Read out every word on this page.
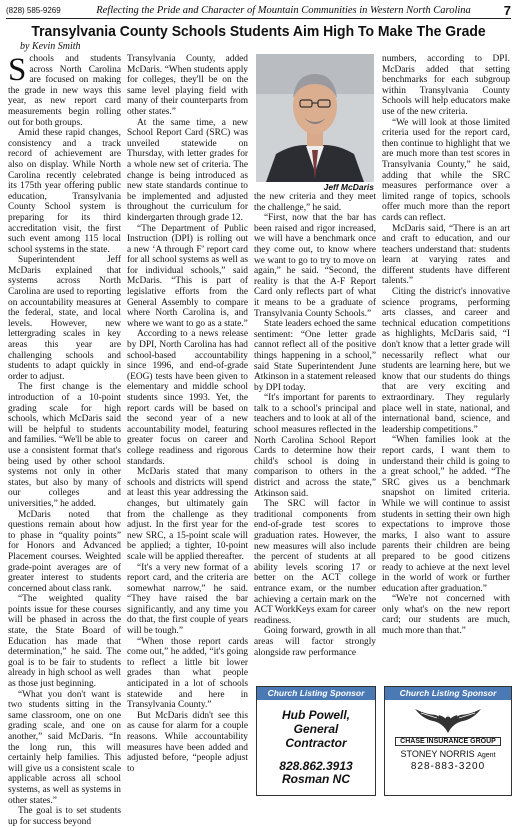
(828) 585-9269	Reflecting the Pride and Character of Mountain Communities in Western North Carolina	7
Transylvania County Schools Students Aim High To Make The Grade
by Kevin Smith

Schools and students across North Carolina are focused on making the grade in new ways this year, as new report card measurements begin rolling out for both groups.

Amid these rapid changes, consistency and a track record of achievement are also on display. While North Carolina recently celebrated its 175th year offering public education, Transylvania County School system is preparing for its third accreditation visit, the first such event among 115 local school systems in the state.

Superintendent Jeff McDaris explained that systems across North Carolina are used to reporting on accountability measures at the federal, state, and local levels. However, new lettergrading scales in key areas this year are challenging schools and students to adapt quickly in order to adjust.

The first change is the introduction of a 10-point grading scale for high schools, which McDaris said will be helpful to students and families. “We'll be able to use a consistent format that's being used by other school systems not only in other states, but also by many of our colleges and universities,” he added.

McDaris noted that questions remain about how to phase in “quality points” for Honors and Advanced Placement courses. Weighted grade-point averages are of greater interest to students concerned about class rank.

“The weighted quality points issue for these courses will be phased in across the state, the State Board of Education has made that determination,” he said. The goal is to be fair to students already in high school as well as those just beginning.

“What you don't want is two students sitting in the same classroom, one on one grading scale, and one on another,” said McDaris. “In the long run, this will certainly help families. This will give us a consistent scale applicable across all school systems, as well as systems in other states.”

The goal is to set students up for success beyond

Transylvania County, added McDaris. “When students apply for colleges, they'll be on the same level playing field with many of their counterparts from other states.”

At the same time, a new School Report Card (SRC) was unveiled statewide on Thursday, with letter grades for a whole new set of criteria. The change is being introduced as new state standards continue to be implemented and adjusted throughout the curriculum for kindergarten through grade 12.

“The Department of Public Instruction (DPI) is rolling out a new ‘A through F’ report card for all school systems as well as for individual schools,” said McDaris. “This is part of legislative efforts from the General Assembly to compare where North Carolina is, and where we want to go as a state.”

According to a news release by DPI, North Carolina has had school-based accountability since 1996, and end-of-grade (EOG) tests have been given to elementary and middle school students since 1993. Yet, the report cards will be based on the second year of a new accountability model, featuring greater focus on career and college readiness and rigorous standards.

McDaris stated that many schools and districts will spend at least this year addressing the changes, but ultimately gain from the challenge as they adjust. In the first year for the new SRC, a 15-point scale will be applied; a tighter, 10-point scale will be applied thereafter.

“It's a very new format of a report card, and the criteria are somewhat narrow,” he said. “They have raised the bar significantly, and any time you do that, the first couple of years will be tough.”

“When those report cards come out,” he added, “it's going to reflect a little bit lower grades than what people anticipated in a lot of schools statewide and here in Transylvania County.”

But McDaris didn't see this as cause for alarm for a couple reasons. While accountability measures have been added and adjusted before, “people adjust to

Jeff McDaris

the new criteria and they meet the challenge,” he said.

“First, now that the bar has been raised and rigor increased, we will have a benchmark once they come out, to know where we want to go to try to move on again,” he said. “Second, the reality is that the A-F Report Card only reflects part of what it means to be a graduate of Transylvania County Schools.”

State leaders echoed the same sentiment: “One letter grade cannot reflect all of the positive things happening in a school,” said State Superintendent June Atkinson in a statement released by DPI today.

“It's important for parents to talk to a school's principal and teachers and to look at all of the school measures reflected in the North Carolina School Report Cards to determine how their child's school is doing in comparison to others in the district and across the state,” Atkinson said.

The SRC will factor in traditional components from end-of-grade test scores to graduation rates. However, the new measures will also include the percent of students at all ability levels scoring 17 or better on the ACT college entrance exam, or the number achieving a certain mark on the ACT WorkKeys exam for career readiness.

Going forward, growth in all areas will factor strongly alongside raw performance

numbers, according to DPI. McDaris added that setting benchmarks for each subgroup within Transylvania County Schools will help educators make use of the new criteria.

“We will look at those limited criteria used for the report card, then continue to highlight that we are much more than test scores in Transylvania County,” he said, adding that while the SRC measures performance over a limited range of topics, schools offer much more than the report cards can reflect.

McDaris said, “There is an art and craft to education, and our teachers understand that: students learn at varying rates and different students have different talents.”

Citing the district's innovative science programs, performing arts classes, and career and technical education competitions as highlights, McDaris said, “I don't know that a letter grade will necessarily reflect what our students are learning here, but we know that our students do things that are very exciting and extraordinary. They regularly place well in state, national, and international band, science, and leadership competitions.”

“When families look at the report cards, I want them to understand their child is going to a great school,” he added. “The SRC gives us a benchmark snapshot on limited criteria. While we will continue to assist students in setting their own high expectations to improve those marks, I also want to assure parents their children are being prepared to be good citizens ready to achieve at the next level in the world of work or further education after graduation.”

“We're not concerned with only what's on the new report card; our students are much, much more than that.”

Church Listing Sponsor
Hub Powell,
General
Contractor
828.862.3913
Rosman NC
Church Listing Sponsor
CHASE INSURANCE GROUP
STONEY NORRIS Agent
828-883-3200
